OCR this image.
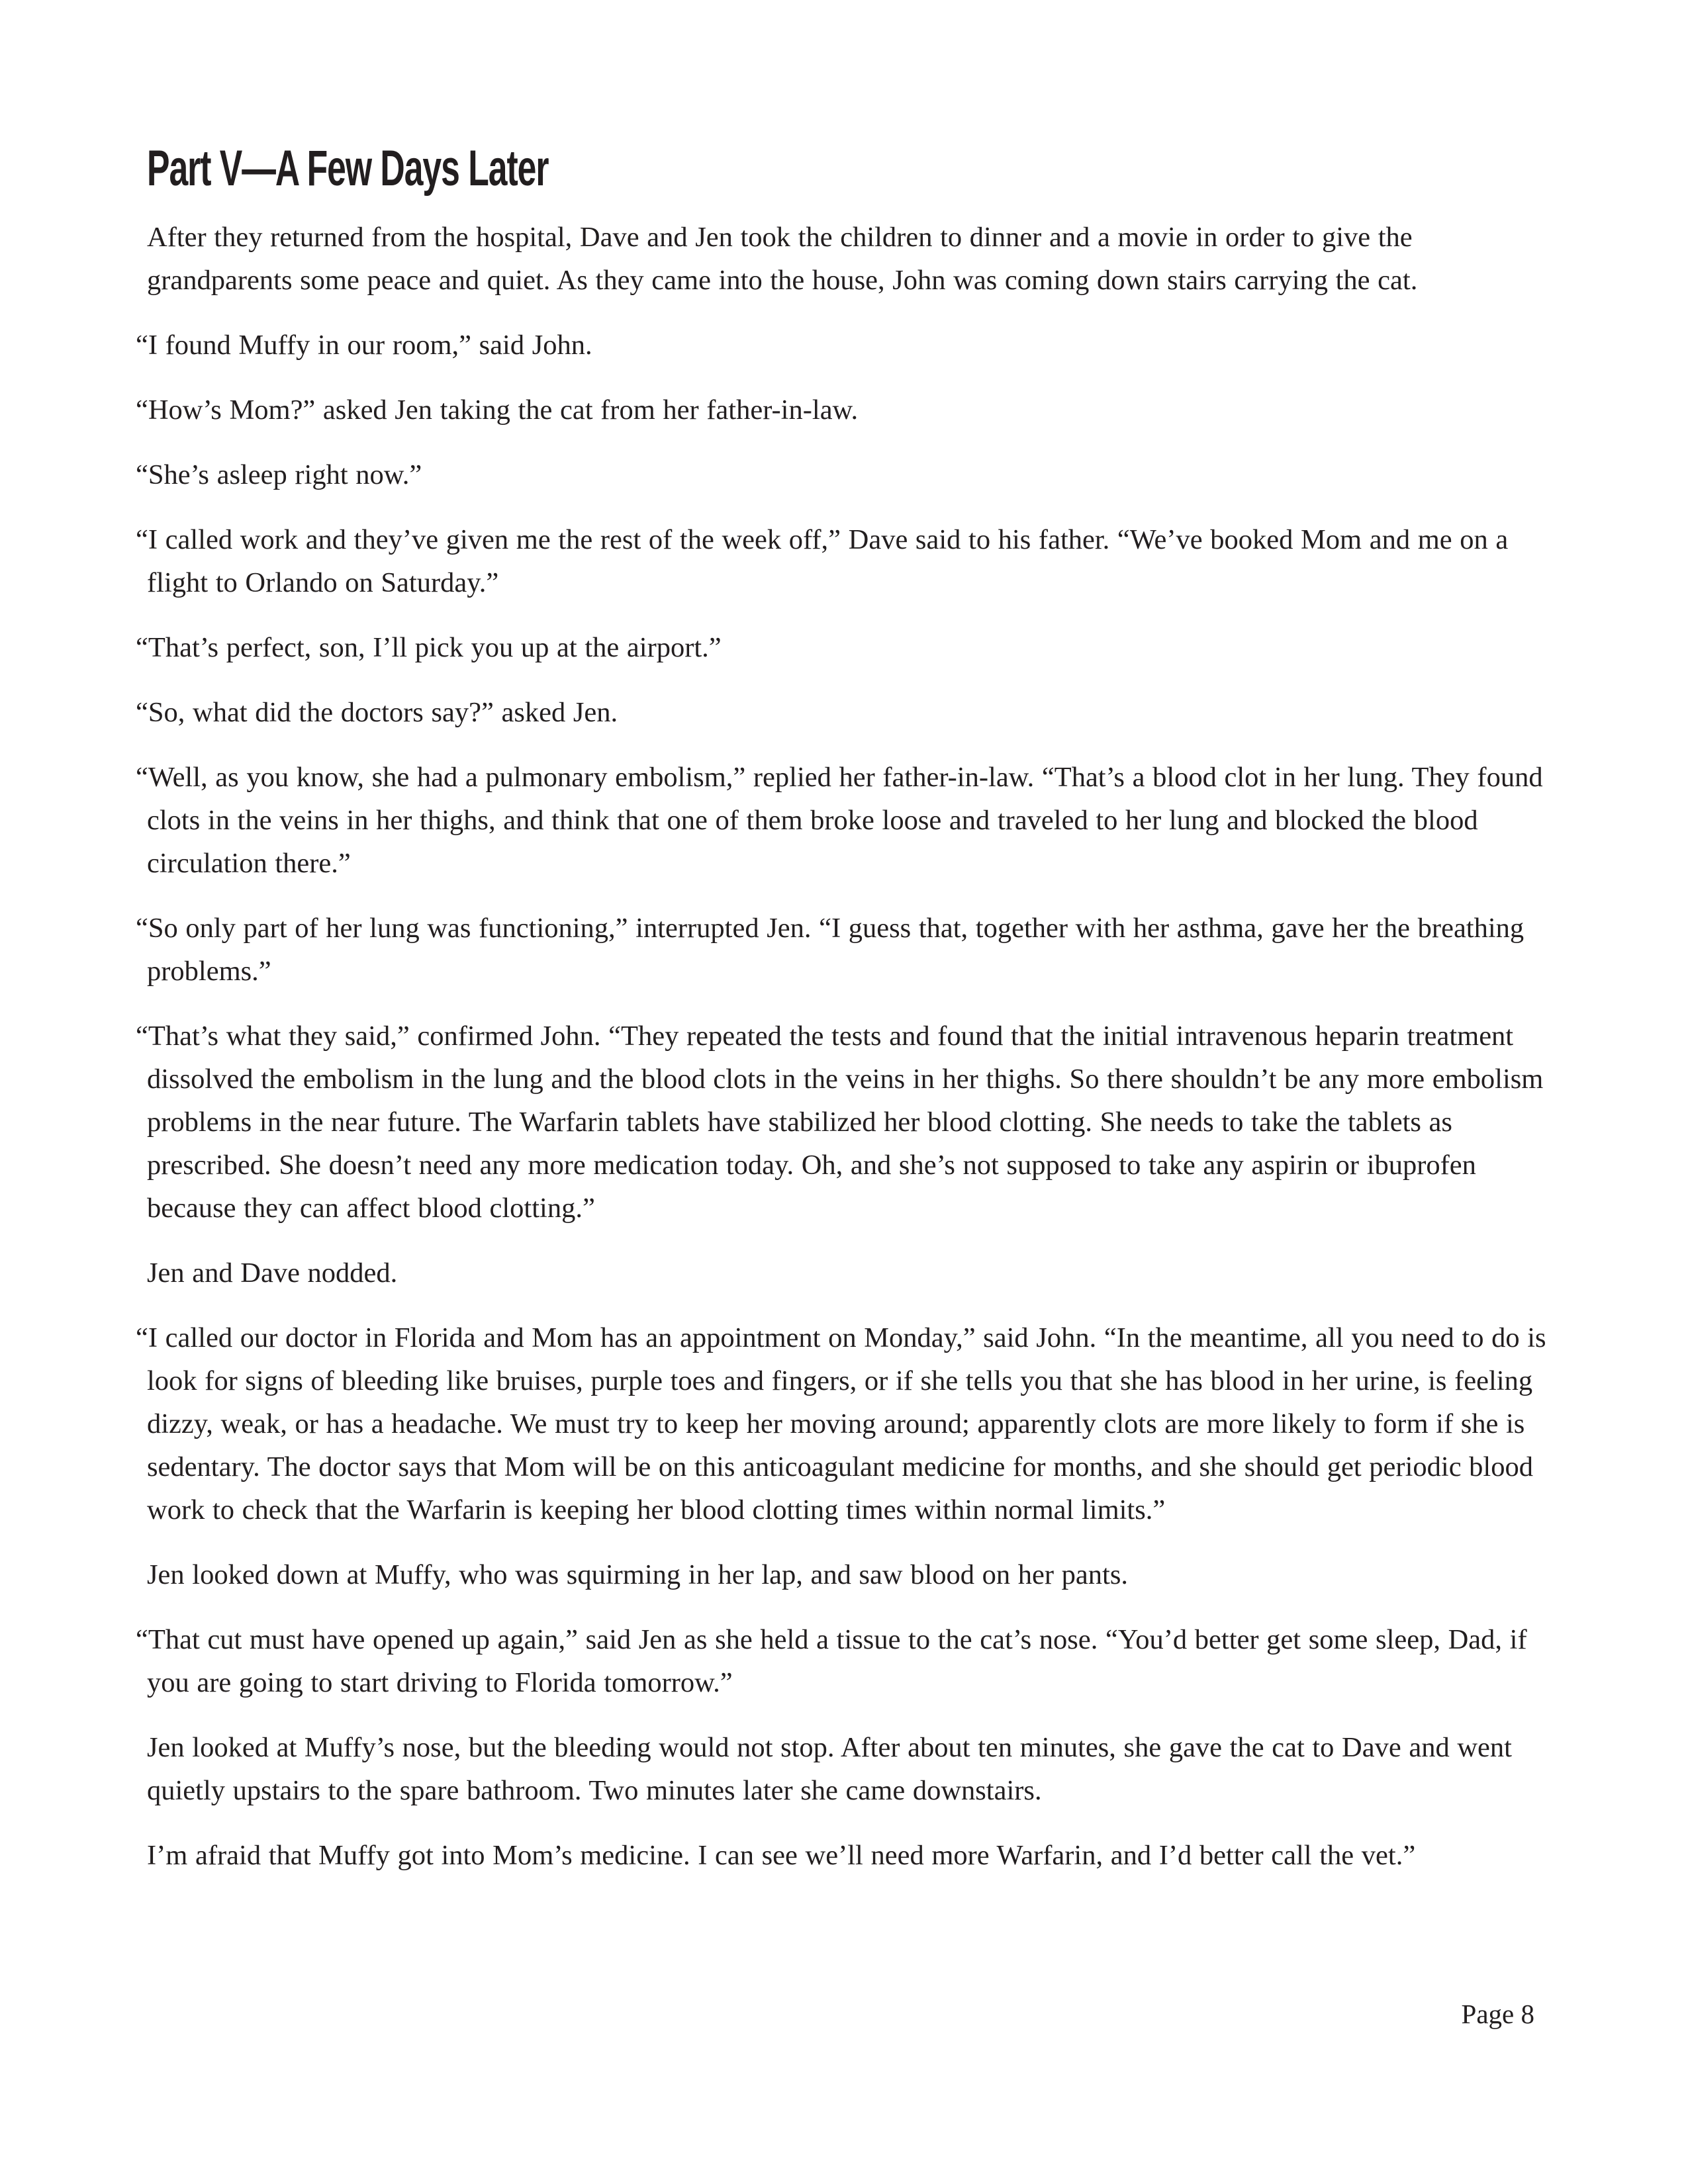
Part V—A Few Days Later

After they returned from the hospital, Dave and Jen took the children to dinner and a movie in order to give the grandparents some peace and quiet. As they came into the house, John was coming down stairs carrying the cat.

“I found Muffy in our room,” said John.

“How’s Mom?” asked Jen taking the cat from her father-in-law.

“She’s asleep right now.”

“I called work and they’ve given me the rest of the week off,” Dave said to his father. “We’ve booked Mom and me on a flight to Orlando on Saturday.”

“That’s perfect, son, I’ll pick you up at the airport.”

“So, what did the doctors say?” asked Jen.

“Well, as you know, she had a pulmonary embolism,” replied her father-in-law. “That’s a blood clot in her lung. They found clots in the veins in her thighs, and think that one of them broke loose and traveled to her lung and blocked the blood circulation there.”

“So only part of her lung was functioning,” interrupted Jen. “I guess that, together with her asthma, gave her the breathing problems.”

“That’s what they said,” confirmed John. “They repeated the tests and found that the initial intravenous heparin treatment dissolved the embolism in the lung and the blood clots in the veins in her thighs. So there shouldn’t be any more embolism problems in the near future. The Warfarin tablets have stabilized her blood clotting. She needs to take the tablets as prescribed. She doesn’t need any more medication today. Oh, and she’s not supposed to take any aspirin or ibuprofen because they can affect blood clotting.”

Jen and Dave nodded.

“I called our doctor in Florida and Mom has an appointment on Monday,” said John. “In the meantime, all you need to do is look for signs of bleeding like bruises, purple toes and fingers, or if she tells you that she has blood in her urine, is feeling dizzy, weak, or has a headache. We must try to keep her moving around; apparently clots are more likely to form if she is sedentary. The doctor says that Mom will be on this anticoagulant medicine for months, and she should get periodic blood work to check that the Warfarin is keeping her blood clotting times within normal limits.”

Jen looked down at Muffy, who was squirming in her lap, and saw blood on her pants.

“That cut must have opened up again,” said Jen as she held a tissue to the cat’s nose. “You’d better get some sleep, Dad, if you are going to start driving to Florida tomorrow.”

Jen looked at Muffy’s nose, but the bleeding would not stop. After about ten minutes, she gave the cat to Dave and went quietly upstairs to the spare bathroom. Two minutes later she came downstairs.

I’m afraid that Muffy got into Mom’s medicine. I can see we’ll need more Warfarin, and I’d better call the vet.”

Page 8
